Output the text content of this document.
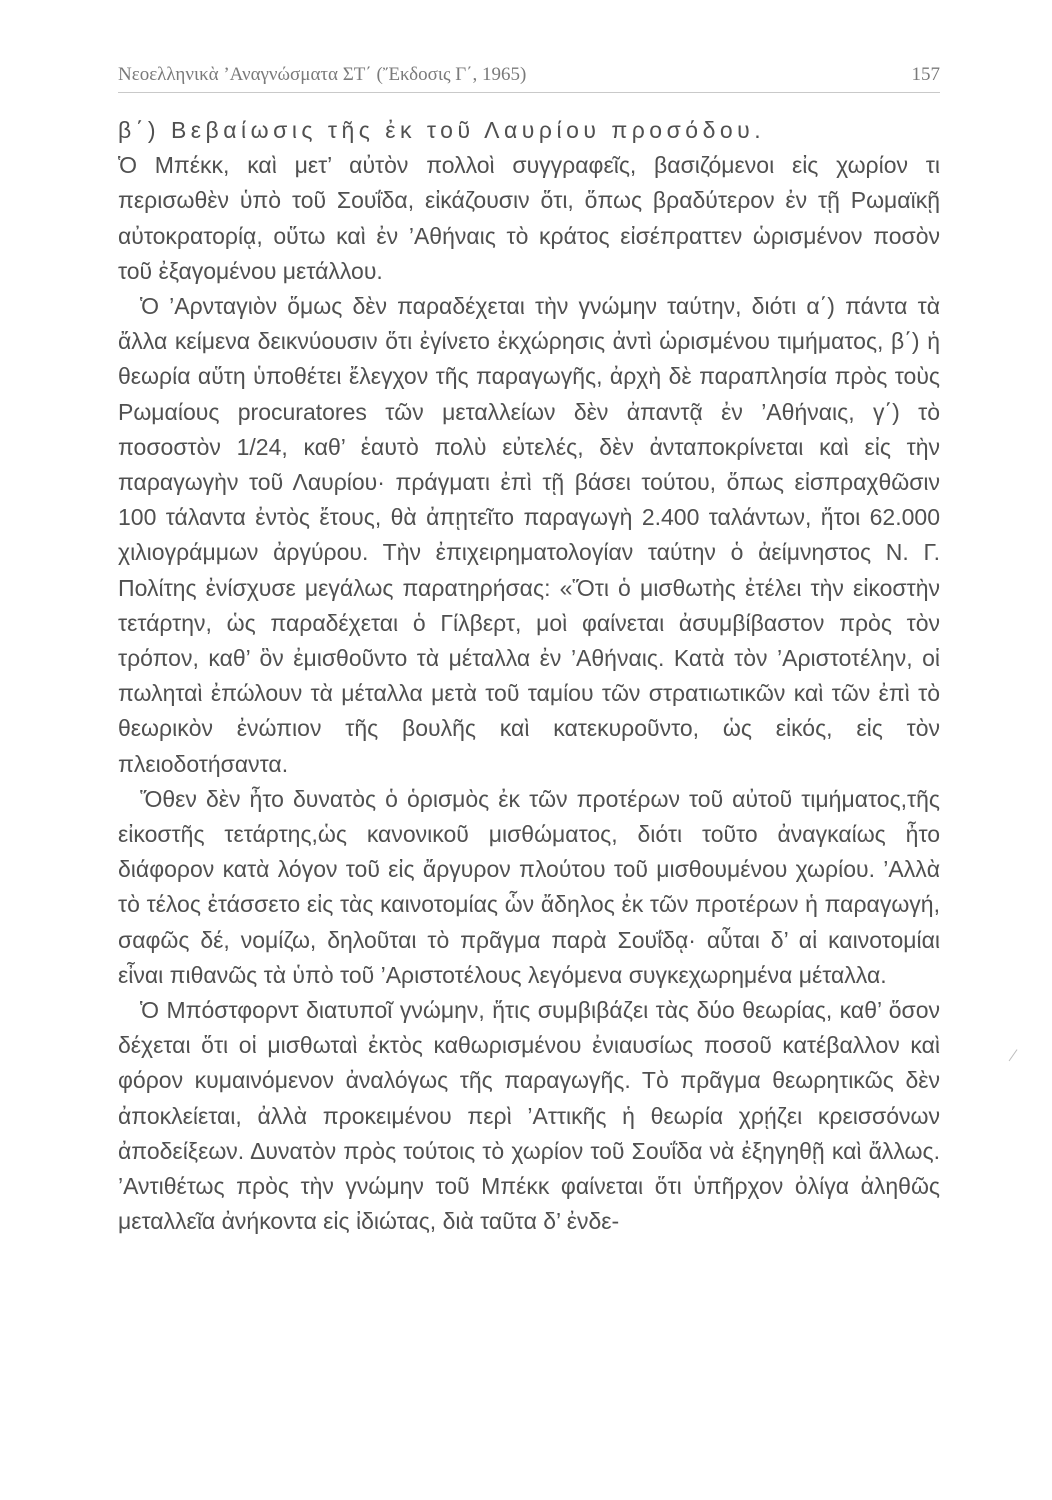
Νεοελληνικὰ ’Αναγνώσματα ΣΤ΄ (Ἔκδοσις Γ΄, 1965)	157
β΄) Βεβαίωσις τῆς ἐκ τοῦ Λαυρίου προσόδου.

Ὁ Μπέκκ, καὶ μετ’ αὐτὸν πολλοὶ συγγραφεῖς, βασιζόμενοι εἰς χωρίον τι περισωθὲν ὑπὸ τοῦ Σουΐδα, εἰκάζουσιν ὅτι, ὅπως βραδύτερον ἐν τῇ Ρωμαϊκῇ αὐτοκρατορίᾳ, οὕτω καὶ ἐν ’Αθήναις τὸ κράτος εἰσέπραττεν ὡρισμένον ποσὸν τοῦ ἐξαγομένου μετάλλου.

Ὁ ’Αρνταγιὸν ὅμως δὲν παραδέχεται τὴν γνώμην ταύτην, διότι α΄) πάντα τὰ ἄλλα κείμενα δεικνύουσιν ὅτι ἐγίνετο ἐκχώρησις ἀντὶ ὡρισμένου τιμήματος, β΄) ἡ θεωρία αὕτη ὑποθέτει ἔλεγχον τῆς παραγωγῆς, ἀρχὴ δὲ παραπλησία πρὸς τοὺς Ρωμαίους procuratores τῶν μεταλλείων δὲν ἀπαντᾷ ἐν ’Αθήναις, γ΄) τὸ ποσοστὸν 1/24, καθ’ ἑαυτὸ πολὺ εὐτελές, δὲν ἀνταποκρίνεται καὶ εἰς τὴν παραγωγὴν τοῦ Λαυρίου· πράγματι ἐπὶ τῇ βάσει τούτου, ὅπως εἰσπραχθῶσιν 100 τάλαντα ἐντὸς ἔτους, θὰ ἀπῃτεῖτο παραγωγὴ 2.400 ταλάντων, ἤτοι 62.000 χιλιογράμμων ἀργύρου. Τὴν ἐπιχειρηματολογίαν ταύτην ὁ ἀείμνηστος Ν. Γ. Πολίτης ἐνίσχυσε μεγάλως παρατηρήσας: «Ὅτι ὁ μισθωτὴς ἐτέλει τὴν εἰκοστὴν τετάρτην, ὡς παραδέχεται ὁ Γίλβερτ, μοὶ φαίνεται ἀσυμβίβαστον πρὸς τὸν τρόπον, καθ’ ὃν ἐμισθοῦντο τὰ μέταλλα ἐν ’Αθήναις. Κατὰ τὸν ’Αριστοτέλην, οἱ πωληταὶ ἐπώλουν τὰ μέταλλα μετὰ τοῦ ταμίου τῶν στρατιωτικῶν καὶ τῶν ἐπὶ τὸ θεωρικὸν ἐνώπιον τῆς βουλῆς καὶ κατεκυροῦντο, ὡς εἰκός, εἰς τὸν πλειοδοτήσαντα.

Ὅθεν δὲν ἦτο δυνατὸς ὁ ὁρισμὸς ἐκ τῶν προτέρων τοῦ αὐτοῦ τιμήματος,τῆς εἰκοστῆς τετάρτης,ὡς κανονικοῦ μισθώματος, διότι τοῦτο ἀναγκαίως ἦτο διάφορον κατὰ λόγον τοῦ εἰς ἄργυρον πλούτου τοῦ μισθουμένου χωρίου. ’Αλλὰ τὸ τέλος ἐτάσσετο εἰς τὰς καινοτομίας ὧν ἄδηλος ἐκ τῶν προτέρων ἡ παραγωγή, σαφῶς δέ, νομίζω, δηλοῦται τὸ πρᾶγμα παρὰ Σουΐδᾳ· αὗται δ’ αἱ καινοτομίαι εἶναι πιθανῶς τὰ ὑπὸ τοῦ ’Αριστοτέλους λεγόμενα συγκεχωρημένα μέταλλα.

Ὁ Μπόστφορντ διατυποῖ γνώμην, ἥτις συμβιβάζει τὰς δύο θεωρίας, καθ’ ὅσον δέχεται ὅτι οἱ μισθωταὶ ἐκτὸς καθωρισμένου ἐνιαυσίως ποσοῦ κατέβαλλον καὶ φόρον κυμαινόμενον ἀναλόγως τῆς παραγωγῆς. Τὸ πρᾶγμα θεωρητικῶς δὲν ἀποκλείεται, ἀλλὰ προκειμένου περὶ ’Αττικῆς ἡ θεωρία χρῄζει κρεισσόνων ἀποδείξεων. Δυνατὸν πρὸς τούτοις τὸ χωρίον τοῦ Σουΐδα νὰ ἐξηγηθῇ καὶ ἄλλως. ’Αντιθέτως πρὸς τὴν γνώμην τοῦ Μπέκκ φαίνεται ὅτι ὑπῆρχον ὀλίγα ἀληθῶς μεταλλεῖα ἀνήκοντα εἰς ἰδιώτας, διὰ ταῦτα δ’ ἐνδε-
